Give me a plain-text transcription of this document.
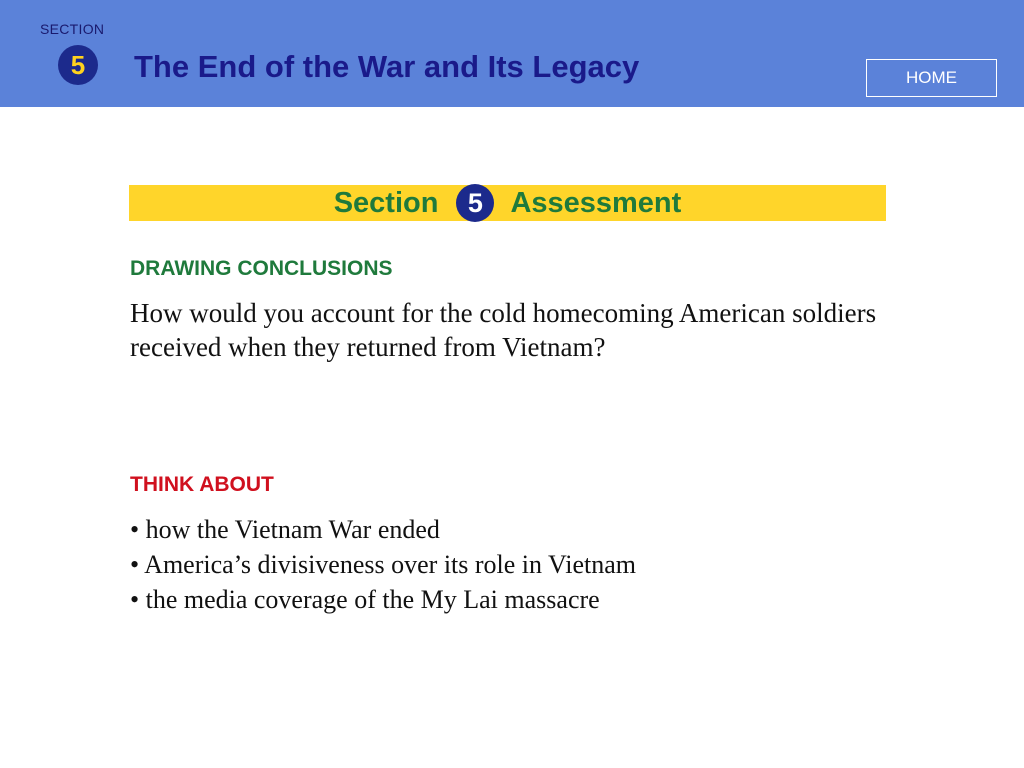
SECTION
5	The End of the War and Its Legacy	HOME
Section	5 Assessment
DRAWING CONCLUSIONS
How would you account for the cold homecoming American soldiers received when they returned from Vietnam?
THINK ABOUT
• how the Vietnam War ended
• America’s divisiveness over its role in Vietnam
• the media coverage of the My Lai massacre
